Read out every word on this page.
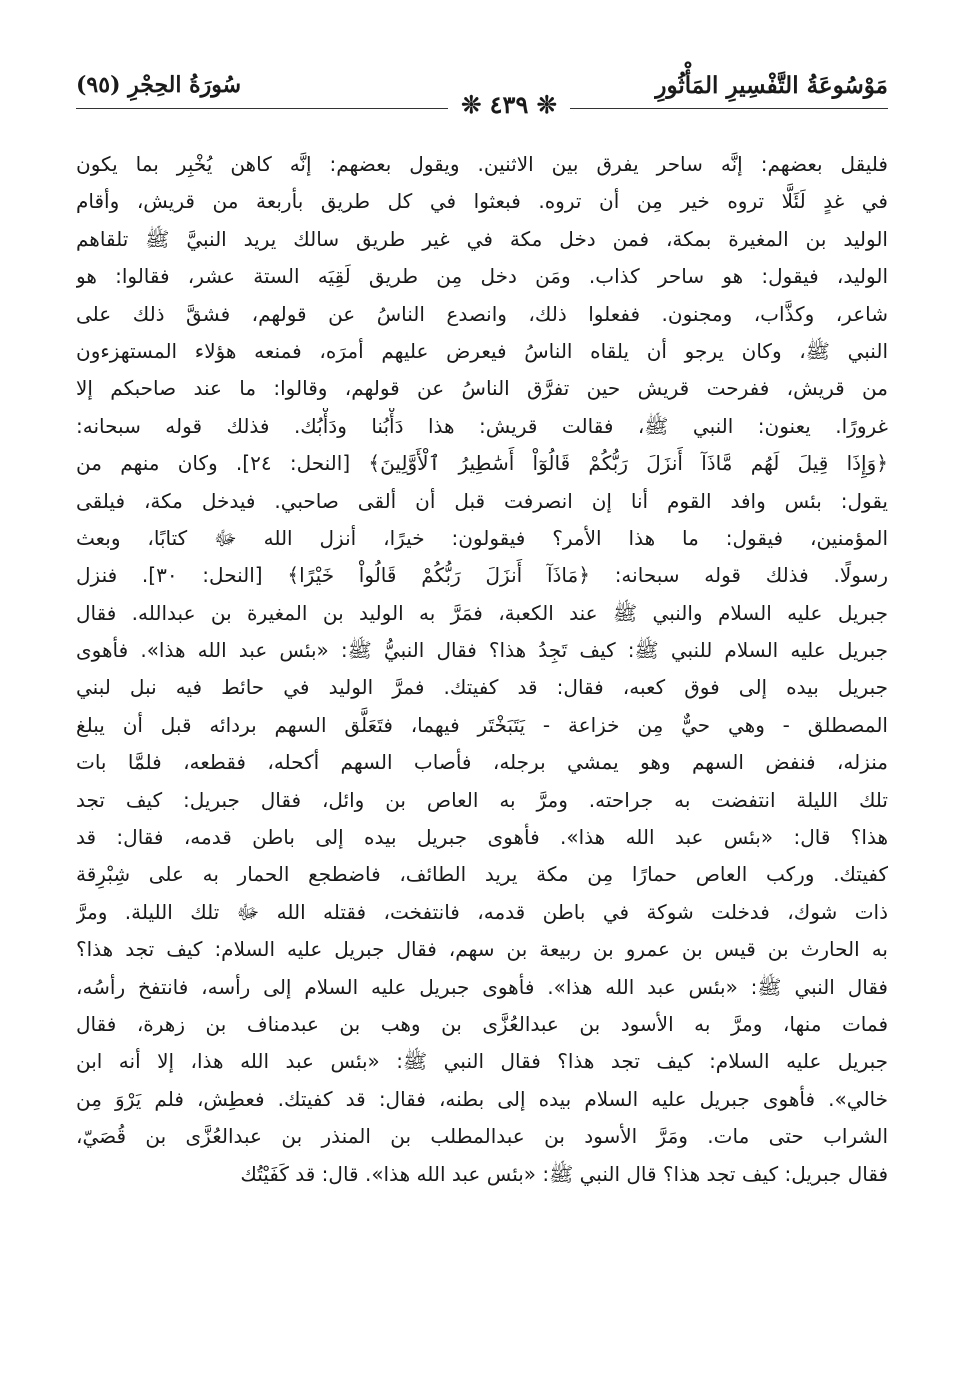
مَوْسُوعَةُ التَّفْسِيرِ المَأْثُورِ
سُورَةُ الحِجْرِ (٩٥)
❊ ٤٣٩ ❊
فليقل بعضهم: إنَّه ساحر يفرق بين الاثنين. ويقول بعضهم: إنَّه كاهن يُخْبِر بما يكون
في غدٍ لَئَلَّا تروه خير مِن أن تروه. فبعثوا في كل طريق بأربعة من قريش، وأقام
الوليد بن المغيرة بمكة، فمن دخل مكة في غير طريق سالك يريد النبيَّ ﷺ تلقاهم
الوليد، فيقول: هو ساحر كذاب. ومَن دخل مِن طريق لَقِيَه الستة عشر، فقالوا: هو
شاعر، وكذَّاب، ومجنون. ففعلوا ذلك، وانصدع الناسُ عن قولهم، فشقَّ ذلك على
النبي ﷺ، وكان يرجو أن يلقاه الناسُ فيعرض عليهم أمرَه، فمنعه هؤلاء المستهزءون
من قريش، ففرحت قريش حين تفرَّق الناسُ عن قولهم، وقالوا: ما عند صاحبكم إلا
غرورًا. يعنون: النبي ﷺ، فقالت قريش: هذا دَأْبُنا ودَأْبُك. فذلك قوله سبحانه:
﴿وَإِذَا قِيلَ لَهُم مَّاذَآ أَنزَلَ رَبُّكُمْ قَالُوٓاْ أَسَٰطِيرُ ٱلْأَوَّلِينَ﴾ [النحل: ٢٤]. وكان منهم من
يقول: بئس وافد القوم أنا إن انصرفت قبل أن ألقى صاحبي. فيدخل مكة، فيلقى
المؤمنين، فيقول: ما هذا الأمر؟ فيقولون: خيرًا، أنزل الله ﷻ كتابًا، وبعث
رسولًا. فذلك قوله سبحانه: ﴿مَاذَآ أَنزَلَ رَبُّكُمْ قَالُواْ خَيْرًا﴾ [النحل: ٣٠]. فنزل
جبريل عليه السلام والنبي ﷺ عند الكعبة، فمَرَّ به الوليد بن المغيرة بن عبدالله. فقال
جبريل عليه السلام للنبي ﷺ: كيف تَجِدُ هذا؟ فقال النبيُّ ﷺ: «بئس عبد الله هذا». فأهوى
جبريل بيده إلى فوق كعبه، فقال: قد كفيتك. فمرَّ الوليد في حائط فيه نبل لبني
المصطلق - وهي حيٌّ مِن خزاعة - يَتَبَخْتَر فيهما، فتَعَلَّق السهم بردائه قبل أن يبلغ
منزله، فنفض السهم وهو يمشي برجله، فأصاب السهم أكحله، فقطعه، فلمَّا بات
تلك الليلة انتفضت به جراحته. ومرَّ به العاص بن وائل، فقال جبريل: كيف تجد
هذا؟ قال: «بئس عبد الله هذا». فأهوى جبريل بيده إلى باطن قدمه، فقال: قد
كفيتك. وركب العاص حمارًا مِن مكة يريد الطائف، فاضطجع الحمار به على شِبْرِقة
ذات شوك، فدخلت شوكة في باطن قدمه، فانتفخت، فقتله الله ﷻ تلك الليلة. ومرَّ
به الحارث بن قيس بن عمرو بن ربيعة بن سهم، فقال جبريل عليه السلام: كيف تجد هذا؟
فقال النبي ﷺ: «بئس عبد الله هذا». فأهوى جبريل عليه السلام إلى رأسه، فانتفخ رأسُه،
فمات منها، ومرَّ به الأسود بن عبدالعُزَّى بن وهب بن عبدمناف بن زهرة، فقال
جبريل عليه السلام: كيف تجد هذا؟ فقال النبي ﷺ: «بئس عبد الله هذا، إلا أنه ابن
خالي». فأهوى جبريل عليه السلام بيده إلى بطنه، فقال: قد كفيتك. فعطِش، فلم يَرْوَ مِن
الشراب حتى مات. ومَرَّ الأسود بن عبدالمطلب بن المنذر بن عبدالعُزَّى بن قُصَيّ،
فقال جبريل: كيف تجد هذا؟ قال النبي ﷺ: «بئس عبد الله هذا». قال: قد كَفَيْتُك
